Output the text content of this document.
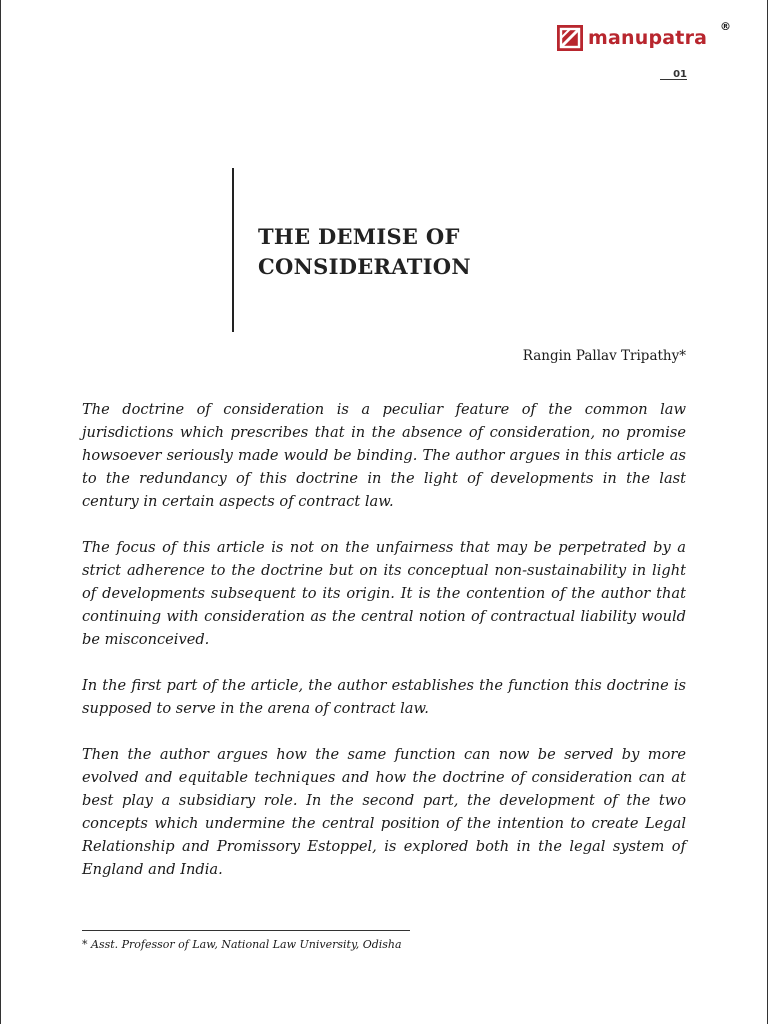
manupatra
®
01
THE DEMISE OF
CONSIDERATION
Rangin Pallav Tripathy*

The doctrine of consideration is a peculiar feature of the common law jurisdictions which prescribes that in the absence of consideration, no promise howsoever seriously made would be binding. The author argues in this article as to the redundancy of this doctrine in the light of developments in the last century in certain aspects of contract law.

The focus of this article is not on the unfairness that may be perpetrated by a strict adherence to the doctrine but on its conceptual non-sustainability in light of developments subsequent to its origin. It is the contention of the author that continuing with consideration as the central notion of contractual liability would be misconceived.

In the first part of the article, the author establishes the function this doctrine is supposed to serve in the arena of contract law.

Then the author argues how the same function can now be served by more evolved and equitable techniques and how the doctrine of consideration can at best play a subsidiary role. In the second part, the development of the two concepts which undermine the central position of the intention to create Legal Relationship and Promissory Estoppel, is explored both in the legal system of England and India.

* Asst. Professor of Law, National Law University, Odisha
